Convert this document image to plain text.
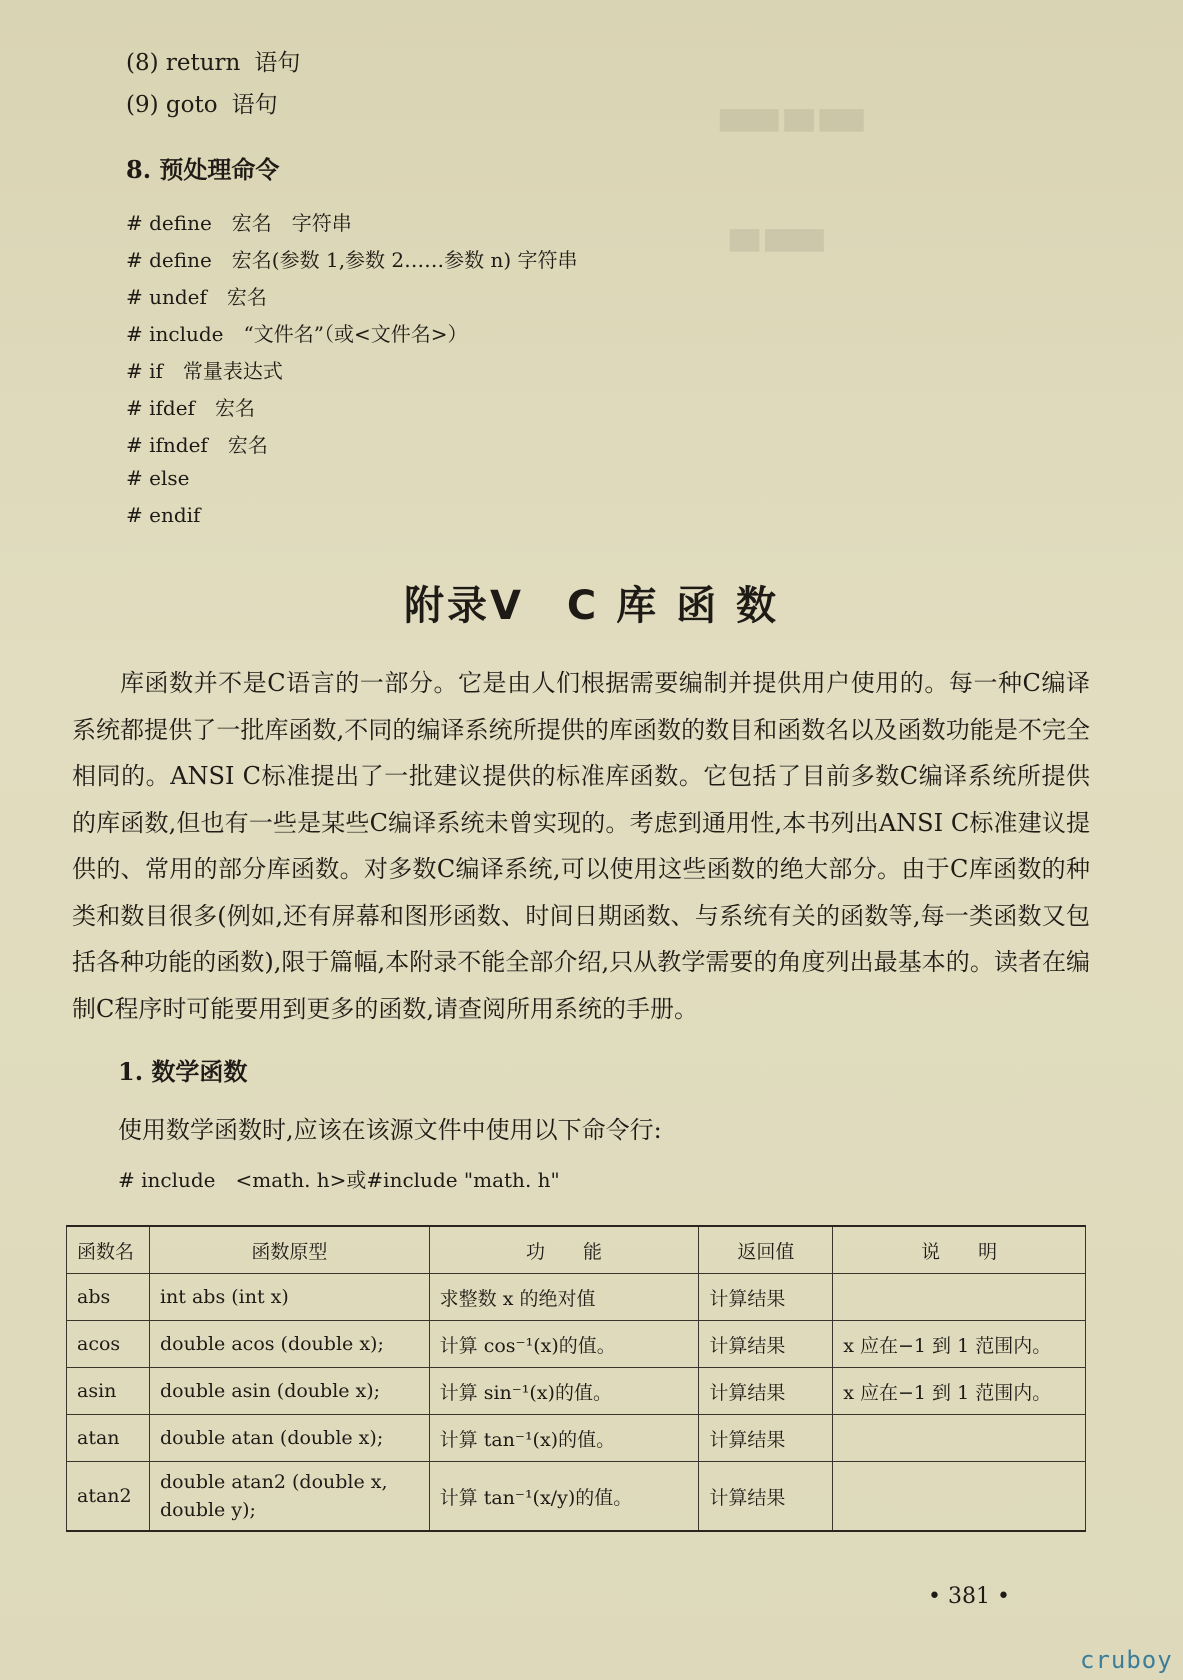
███ ██ ████
████ ██
(8) return 语句
(9) goto 语句
8. 预处理命令
# define　宏名　字符串
# define　宏名(参数 1,参数 2……参数 n) 字符串
# undef　宏名
# include　“文件名”（或<文件名>）
# if　常量表达式
# ifdef　宏名
# ifndef　宏名
# else
# endif
附录Ⅴ　C 库 函 数
库函数并不是C语言的一部分。它是由人们根据需要编制并提供用户使用的。每一种C编译系统都提供了一批库函数,不同的编译系统所提供的库函数的数目和函数名以及函数功能是不完全相同的。ANSI C标准提出了一批建议提供的标准库函数。它包括了目前多数C编译系统所提供的库函数,但也有一些是某些C编译系统未曾实现的。考虑到通用性,本书列出ANSI C标准建议提供的、常用的部分库函数。对多数C编译系统,可以使用这些函数的绝大部分。由于C库函数的种类和数目很多(例如,还有屏幕和图形函数、时间日期函数、与系统有关的函数等,每一类函数又包括各种功能的函数),限于篇幅,本附录不能全部介绍,只从教学需要的角度列出最基本的。读者在编制C程序时可能要用到更多的函数,请查阅所用系统的手册。
1. 数学函数
使用数学函数时,应该在该源文件中使用以下命令行:
# include　<math. h>或#include "math. h"
函数名	函数原型	功　　能	返回值	说　　明
abs	int abs (int x)	求整数 x 的绝对值	计算结果	
acos	double acos (double x);	计算 cos⁻¹(x)的值。	计算结果	x 应在−1 到 1 范围内。
asin	double asin (double x);	计算 sin⁻¹(x)的值。	计算结果	x 应在−1 到 1 范围内。
atan	double atan (double x);	计算 tan⁻¹(x)的值。	计算结果	
atan2	double atan2 (double x, double y);	计算 tan⁻¹(x/y)的值。	计算结果	
• 381 •
cruboy
